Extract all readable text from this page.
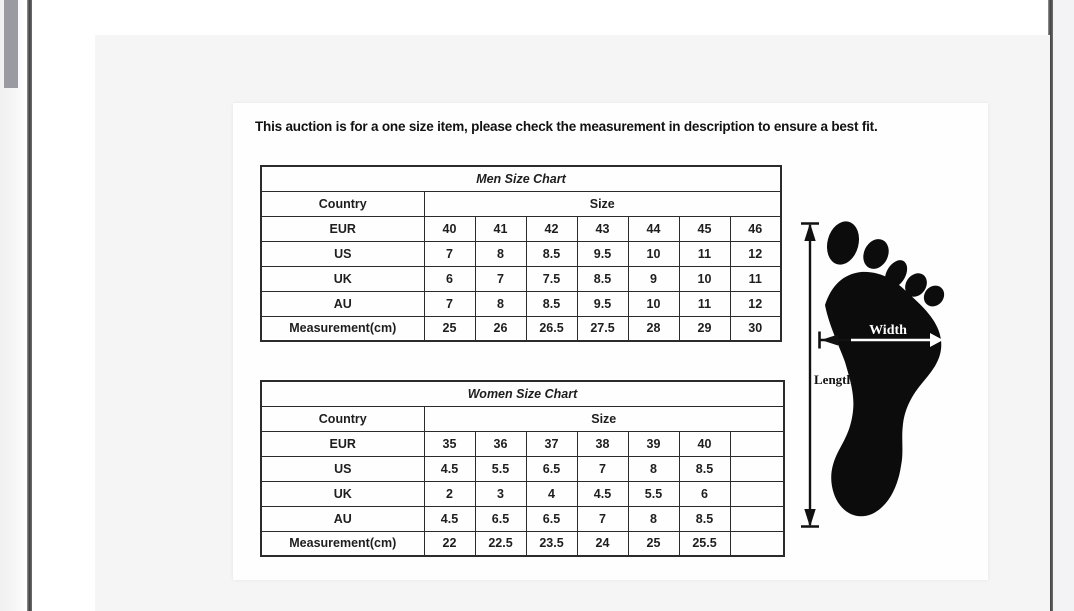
This auction is for a one size item, please check the measurement in description to ensure a best fit.

Men Size Chart							
Country	Size						
EUR	40	41	42	43	44	45	46
US	7	8	8.5	9.5	10	11	12
UK	6	7	7.5	8.5	9	10	11
AU	7	8	8.5	9.5	10	11	12
Measurement(cm)	25	26	26.5	27.5	28	29	30
Women Size Chart							
Country	Size						
EUR	35	36	37	38	39	40	
US	4.5	5.5	6.5	7	8	8.5	
UK	2	3	4	4.5	5.5	6	
AU	4.5	6.5	6.5	7	8	8.5	
Measurement(cm)	22	22.5	23.5	24	25	25.5	
Width
Length
